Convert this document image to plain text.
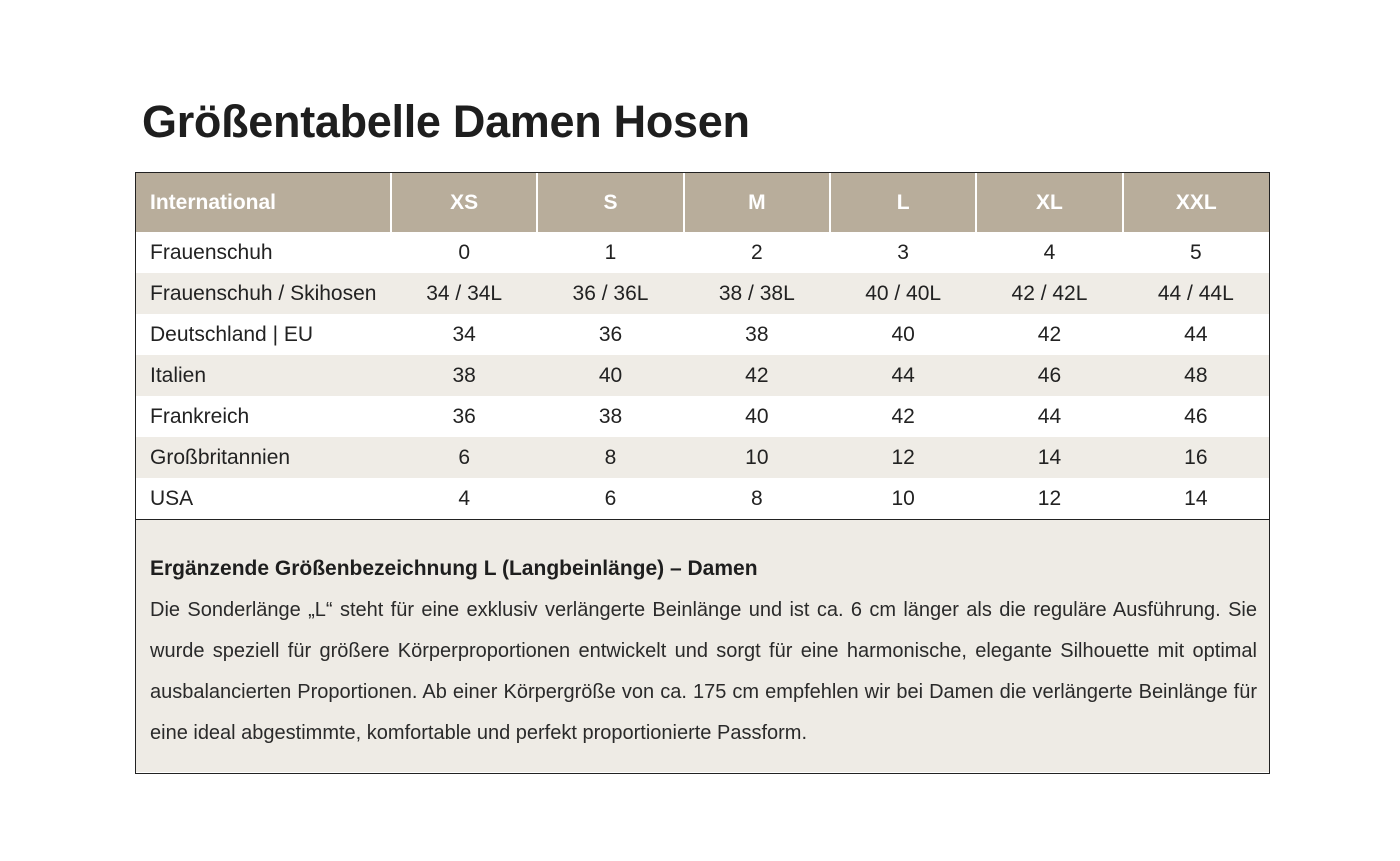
Größentabelle Damen Hosen
International	XS	S	M	L	XL	XXL
Frauenschuh	0	1	2	3	4	5
Frauenschuh / Skihosen	34 / 34L	36 / 36L	38 / 38L	40 / 40L	42 / 42L	44 / 44L
Deutschland | EU	34	36	38	40	42	44
Italien	38	40	42	44	46	48
Frankreich	36	38	40	42	44	46
Großbritannien	6	8	10	12	14	16
USA	4	6	8	10	12	14
Ergänzende Größenbezeichnung L (Langbeinlänge) – Damen

Die Sonderlänge „L“ steht für eine exklusiv verlängerte Beinlänge und ist ca. 6 cm länger als die reguläre Ausführung. Sie wurde speziell für größere Körperproportionen entwickelt und sorgt für eine harmonische, elegante Silhouette mit optimal ausbalancierten Proportionen. Ab einer Körpergröße von ca. 175 cm empfehlen wir bei Damen die verlängerte Beinlänge für eine ideal abgestimmte, komfortable und perfekt proportionierte Passform.
